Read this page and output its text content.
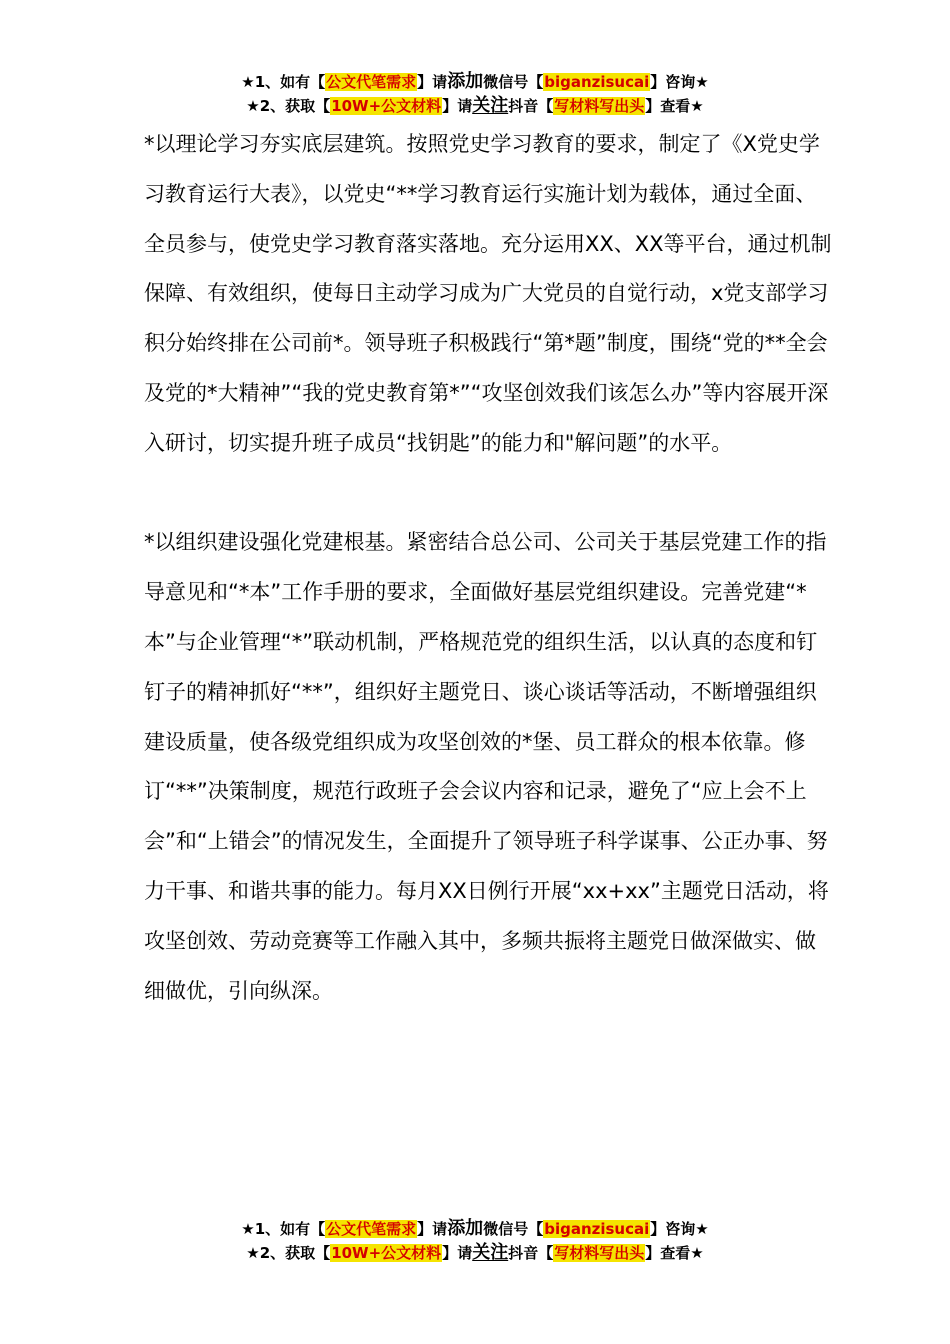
★1、如有【公文代笔需求】请添加微信号【biganzisucai】咨询★
★2、获取【10W+公文材料】请关注抖音【写材料写出头】查看★

*以理论学习夯实底层建筑。按照党史学习教育的要求，制定了《X党史学习教育运行大表》，以党史“**学习教育运行实施计划为载体，通过全面、全员参与，使党史学习教育落实落地。充分运用XX、XX等平台，通过机制保障、有效组织，使每日主动学习成为广大党员的自觉行动，x党支部学习积分始终排在公司前*。领导班子积极践行“第*题”制度，围绕“党的**全会及党的*大精神”“我的党史教育第*”“攻坚创效我们该怎么办”等内容展开深入研讨，切实提升班子成员“找钥匙”的能力和"解问题”的水平。

*以组织建设强化党建根基。紧密结合总公司、公司关于基层党建工作的指导意见和“*本”工作手册的要求，全面做好基层党组织建设。完善党建“*本”与企业管理“*”联动机制，严格规范党的组织生活，以认真的态度和钉钉子的精神抓好“**”，组织好主题党日、谈心谈话等活动，不断增强组织建设质量，使各级党组织成为攻坚创效的*堡、员工群众的根本依靠。修订“**”决策制度，规范行政班子会会议内容和记录，避免了“应上会不上会”和“上错会”的情况发生，全面提升了领导班子科学谋事、公正办事、努力干事、和谐共事的能力。每月XX日例行开展“xx+xx”主题党日活动，将攻坚创效、劳动竞赛等工作融入其中，多频共振将主题党日做深做实、做细做优，引向纵深。

★1、如有【公文代笔需求】请添加微信号【biganzisucai】咨询★
★2、获取【10W+公文材料】请关注抖音【写材料写出头】查看★
